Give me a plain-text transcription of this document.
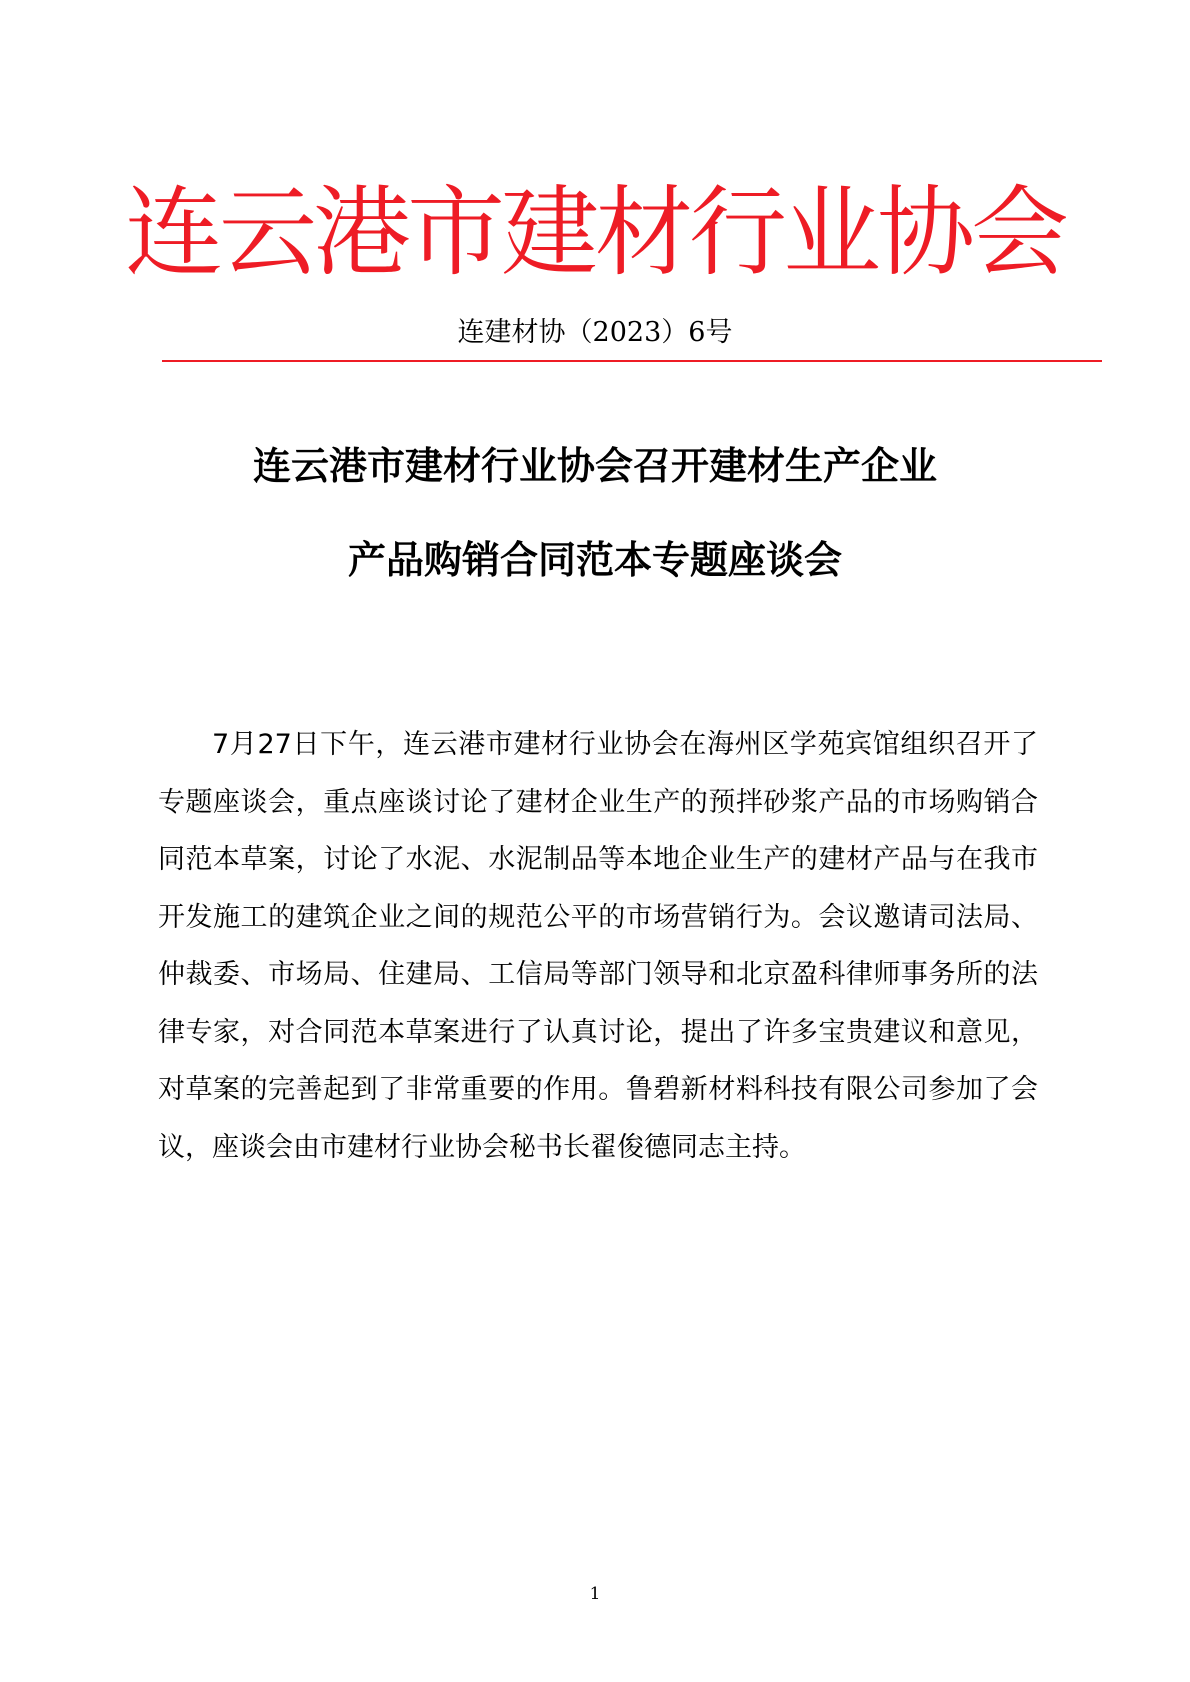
连云港市建材行业协会
连建材协（2023）6号
连云港市建材行业协会召开建材生产企业
产品购销合同范本专题座谈会
7月27日下午，连云港市建材行业协会在海州区学苑宾馆组织召开了专题座谈会，重点座谈讨论了建材企业生产的预拌砂浆产品的市场购销合同范本草案，讨论了水泥、水泥制品等本地企业生产的建材产品与在我市开发施工的建筑企业之间的规范公平的市场营销行为。会议邀请司法局、仲裁委、市场局、住建局、工信局等部门领导和北京盈科律师事务所的法律专家，对合同范本草案进行了认真讨论，提出了许多宝贵建议和意见，对草案的完善起到了非常重要的作用。鲁碧新材料科技有限公司参加了会议，座谈会由市建材行业协会秘书长翟俊德同志主持。
1
